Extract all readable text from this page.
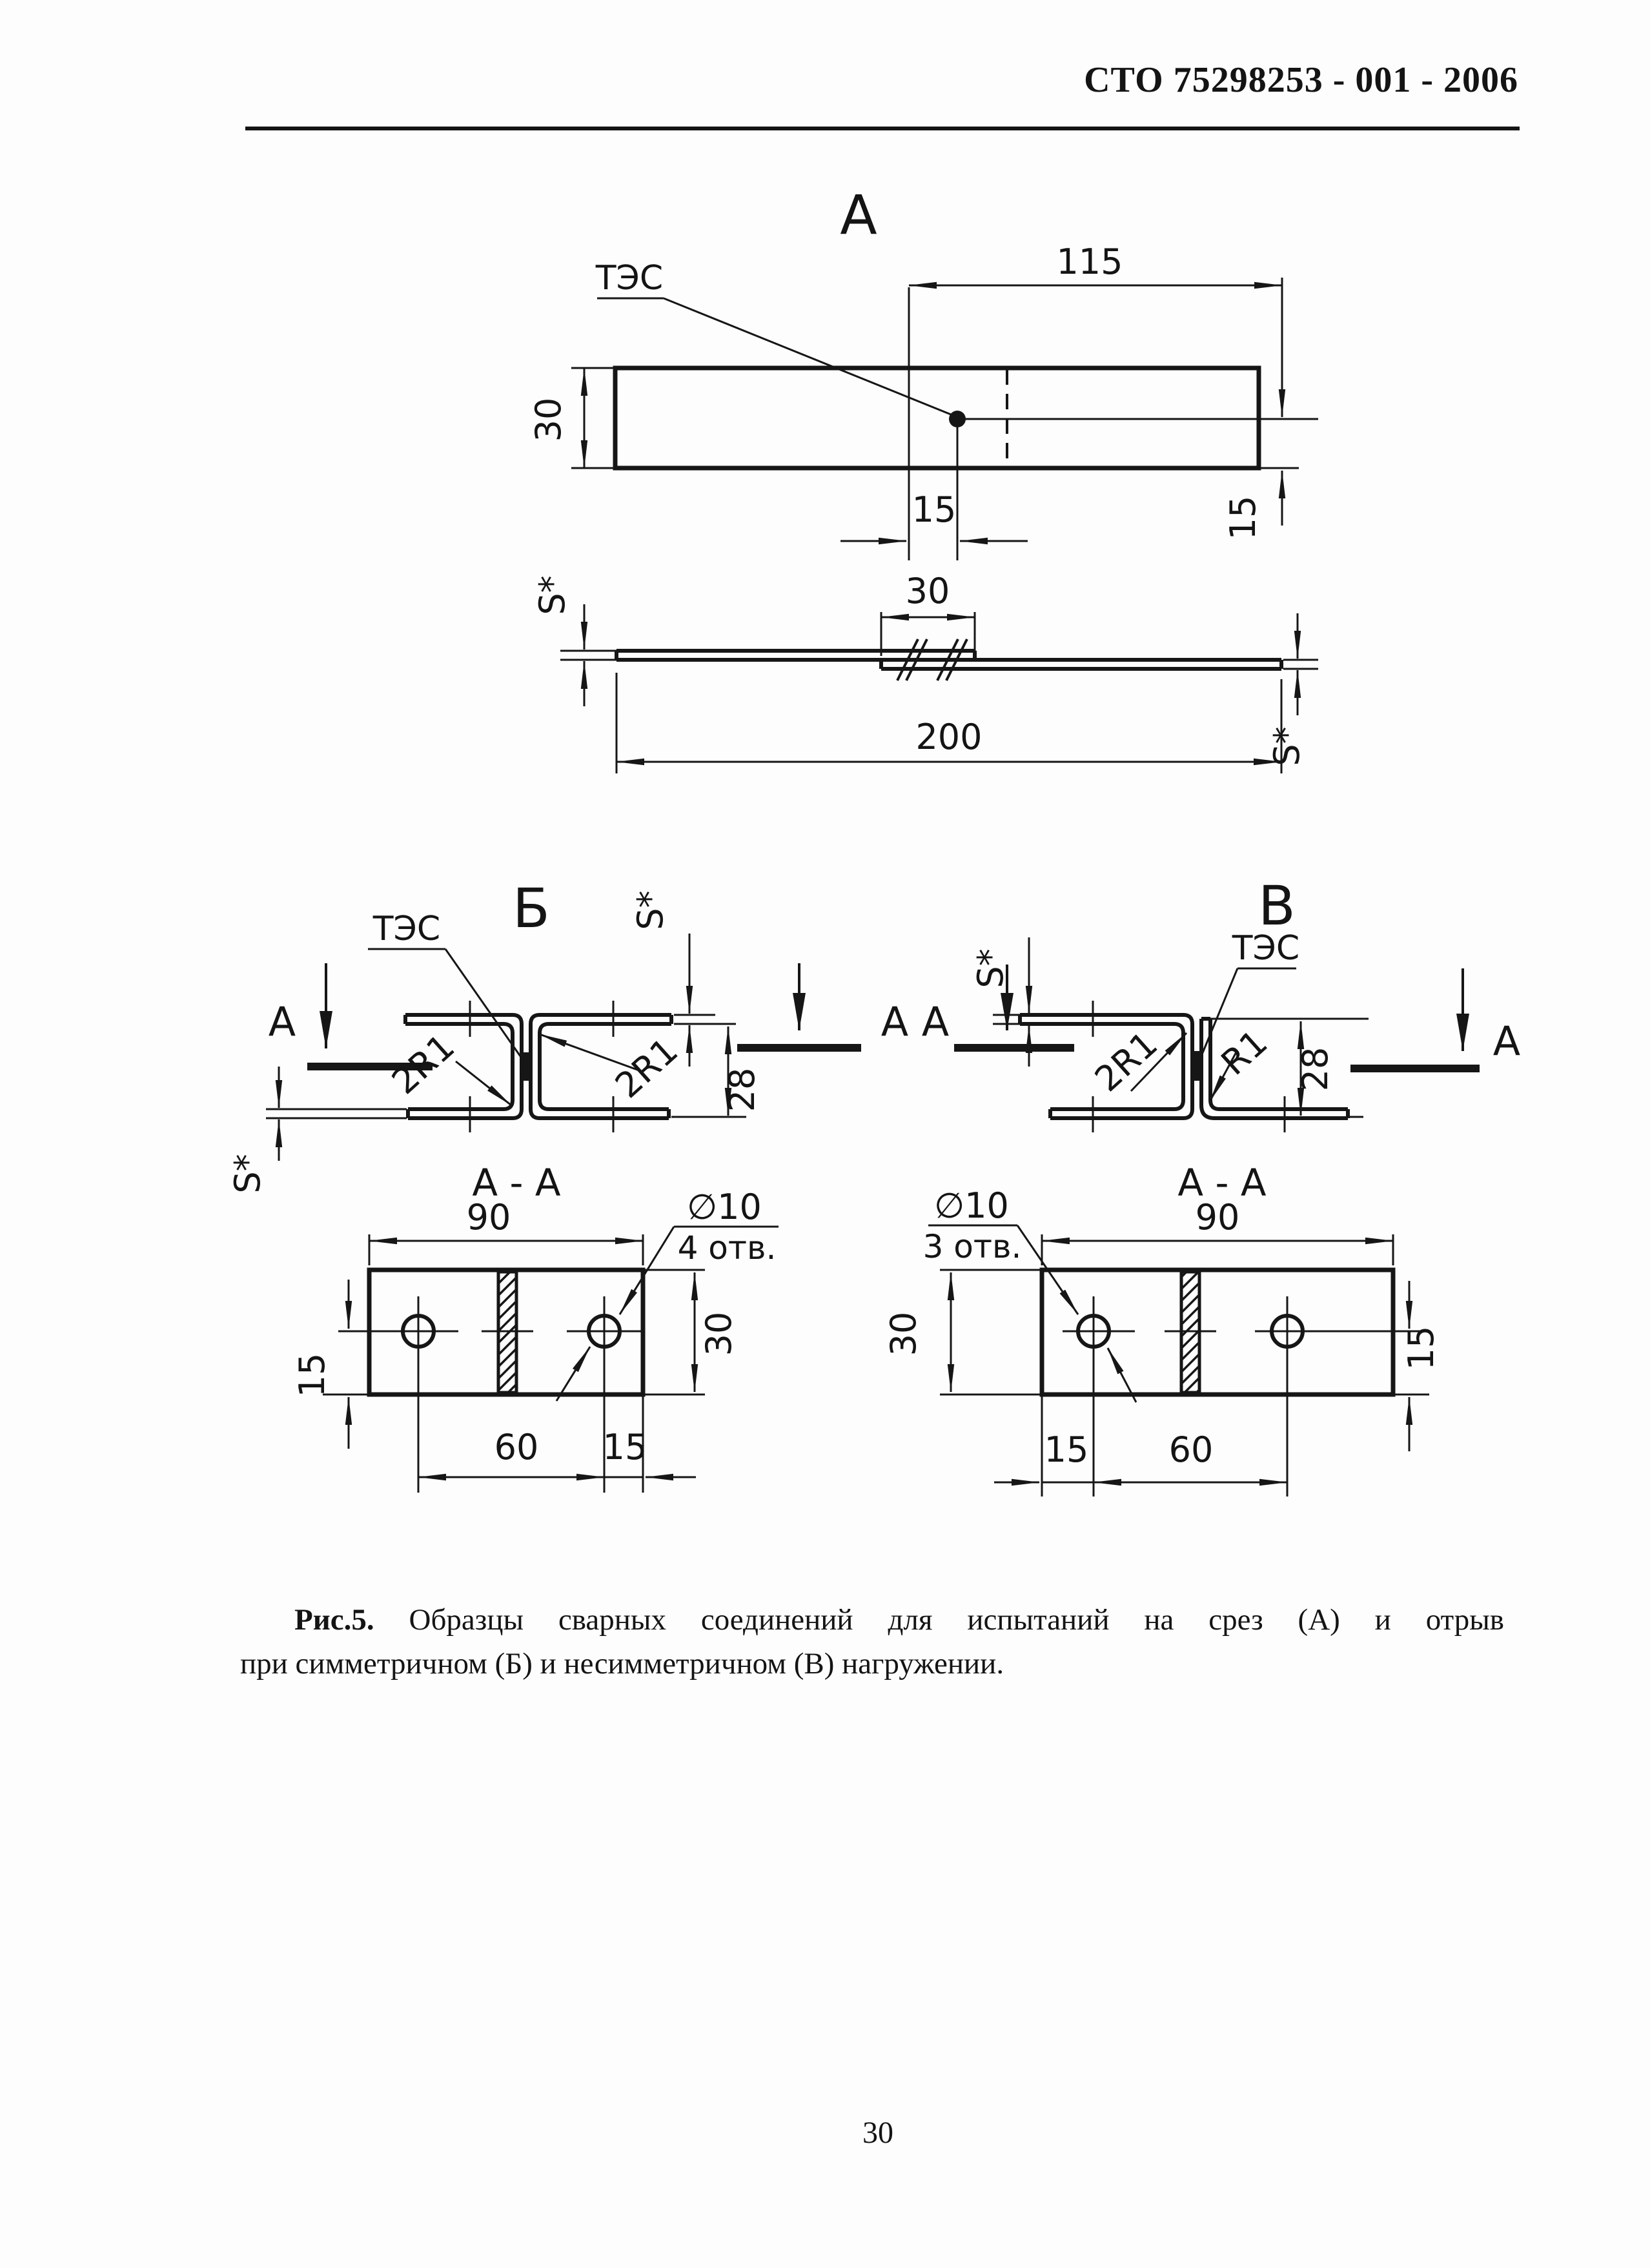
СТО 75298253 - 001 - 2006
А
ТЭС	115
30
15	15
30
S*
S*
200
Б
ТЭС
А	А
S*
28
S*
2R1	2R1
А - А
90	∅10
4 отв.
15
30
60 15
В
ТЭС
S*
А	А
2R1 R1 28
А - А
90
∅10
3 отв.
30	15
15 60

Рис.5. Образцы сварных соединений для испытаний на срез (А) и отрыв
при симметричном (Б) и несимметричном (В) нагружении.

30
